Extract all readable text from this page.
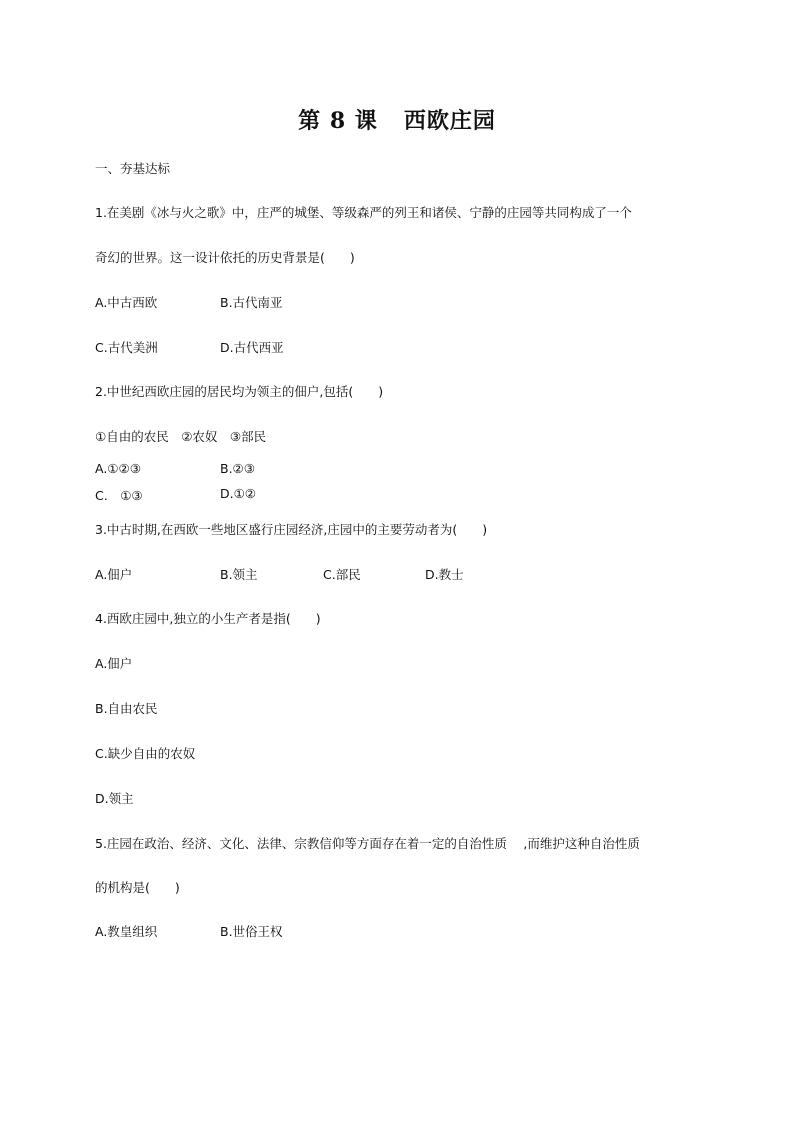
第 8 课 西欧庄园
一、夯基达标
1.在美剧《冰与火之歌》中，庄严的城堡、等级森严的列王和诸侯、宁静的庄园等共同构成了一个
奇幻的世界。这一设计依托的历史背景是(　　)
A.中古西欧	B.古代南亚
C.古代美洲	D.古代西亚
2.中世纪西欧庄园的居民均为领主的佃户,包括(　　)
①自由的农民　②农奴　③部民
A.①②③	B.②③
C.　①③	D.①②
3.中古时期,在西欧一些地区盛行庄园经济,庄园中的主要劳动者为(　　)
A.佃户	B.领主	C.部民	D.教士
4.西欧庄园中,独立的小生产者是指(　　)
A.佃户
B.自由农民
C.缺少自由的农奴
D.领主
5.庄园在政治、经济、文化、法律、宗教信仰等方面存在着一定的自治性质　 ,而维护这种自治性质
的机构是(　　)
A.教皇组织	B.世俗王权
